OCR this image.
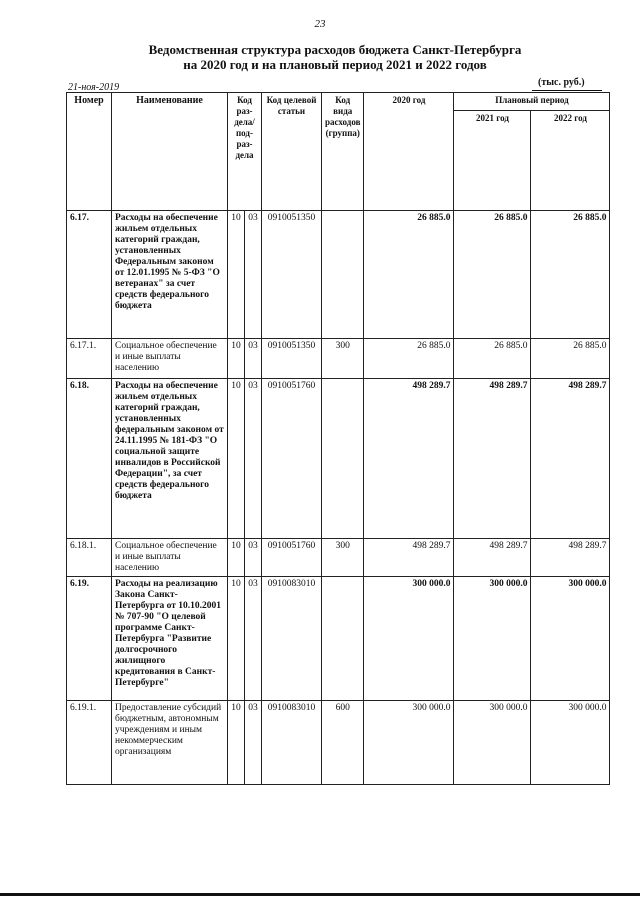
23
Ведомственная структура расходов бюджета Санкт-Петербурга
на 2020 год и на плановый период 2021 и 2022 годов
21-ноя-2019	(тыс. руб.)
Номер	Наименование	Код раз-дела/ под-раз-дела		Код целевой статьи	Код вида расходов (группа)	2020 год	Плановый период	
							2021 год	2022 год
6.17.	Расходы на обеспечение жильем отдельных категорий граждан, установленных Федеральным законом от 12.01.1995 № 5-ФЗ "О ветеранах" за счет средств федерального бюджета	10	03	0910051350		26 885.0	26 885.0	26 885.0
6.17.1.	Социальное обеспечение и иные выплаты населению	10	03	0910051350	300	26 885.0	26 885.0	26 885.0
6.18.	Расходы на обеспечение жильем отдельных категорий граждан, установленных федеральным законом от 24.11.1995 № 181-ФЗ "О социальной защите инвалидов в Российской Федерации", за счет средств федерального бюджета	10	03	0910051760		498 289.7	498 289.7	498 289.7
6.18.1.	Социальное обеспечение и иные выплаты населению	10	03	0910051760	300	498 289.7	498 289.7	498 289.7
6.19.	Расходы на реализацию Закона Санкт-Петербурга от 10.10.2001 № 707-90 "О целевой программе Санкт-Петербурга "Развитие долгосрочного жилищного кредитования в Санкт-Петербурге"	10	03	0910083010		300 000.0	300 000.0	300 000.0
6.19.1.	Предоставление субсидий бюджетным, автономным учреждениям и иным некоммерческим организациям	10	03	0910083010	600	300 000.0	300 000.0	300 000.0
